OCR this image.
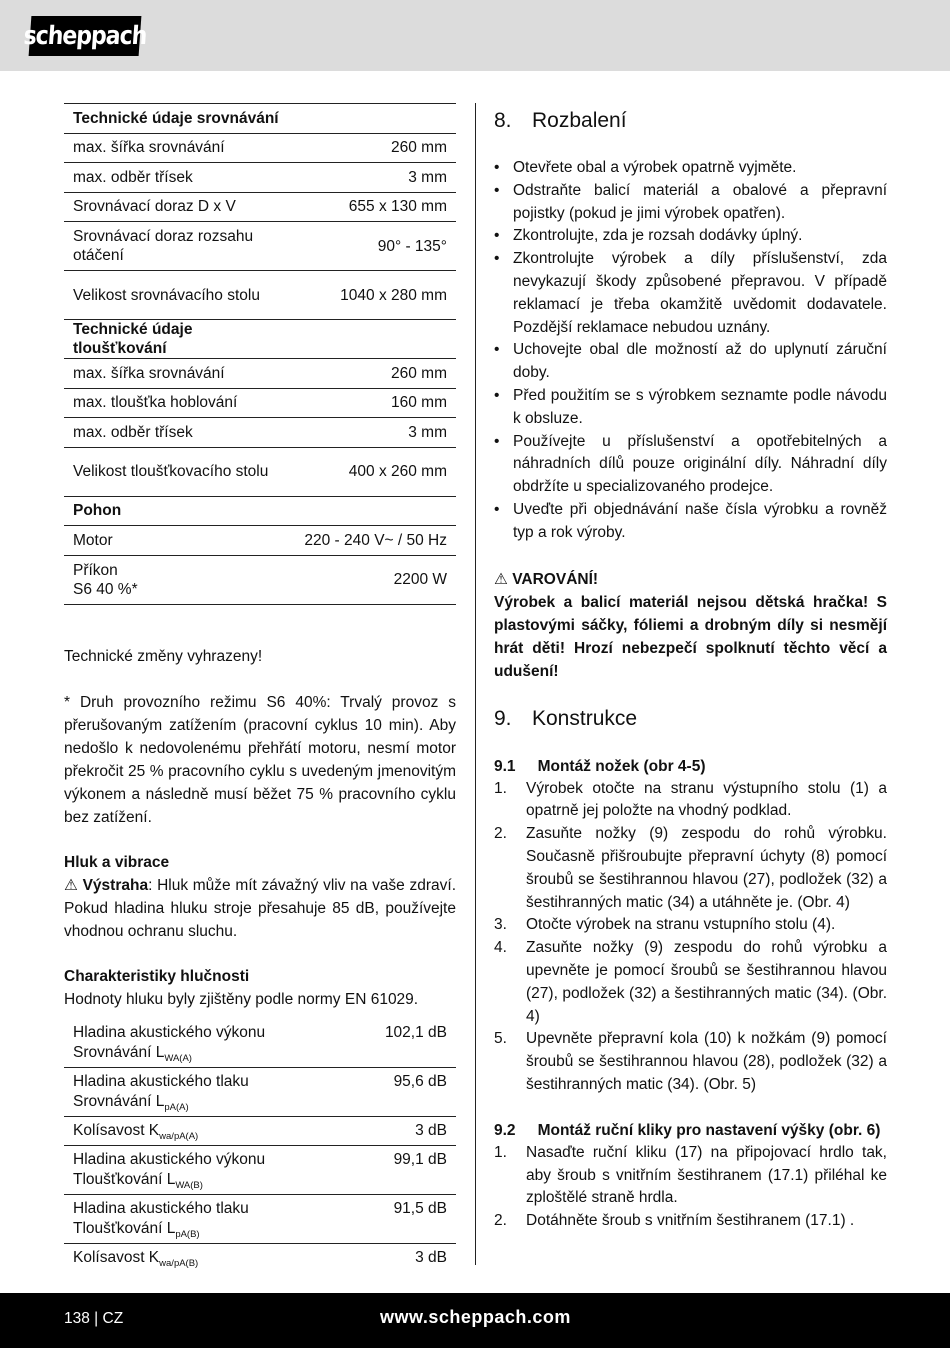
scheppach
Technické údaje srovnávání	
max. šířka srovnávání	260 mm
max. odběr třísek	3 mm
Srovnávací doraz D x V	655 x 130 mm
Srovnávací doraz rozsahu otáčení	90° - 135°
Velikost srovnávacího stolu	1040 x 280 mm
Technické údaje tloušťkování	
max. šířka srovnávání	260 mm
max. tloušťka hoblování	160 mm
max. odběr třísek	3 mm
Velikost tloušťkovacího stolu	400 x 260 mm
Pohon	
Motor	220 - 240 V~ / 50 Hz
Příkon
S6 40 %*	2200 W

Technické změny vyhrazeny!

* Druh provozního režimu S6 40%: Trvalý provoz s přerušovaným zatížením (pracovní cyklus 10 min). Aby nedošlo k nedovolenému přehřátí motoru, nesmí motor překročit 25 % pracovního cyklu s uvedeným jmenovitým výkonem a následně musí běžet 75 % pracovního cyklu bez zatížení.

Hluk a vibrace

⚠ Výstraha: Hluk může mít závažný vliv na vaše zdraví. Pokud hladina hluku stroje přesahuje 85 dB, používejte vhodnou ochranu sluchu.

Charakteristiky hlučnosti

Hodnoty hluku byly zjištěny podle normy EN 61029.

Hladina akustického výkonu
Srovnávání $L_{WA(A)}$	102,1 dB
Hladina akustického tlaku
Srovnávání $L_{pA(A)}$	95,6 dB
Kolísavost $K_{wa/pA(A)}$	3 dB
Hladina akustického výkonu
Tloušťkování $L_{WA(B)}$	99,1 dB
Hladina akustického tlaku
Tloušťkování $L_{pA(B)}$	91,5 dB
Kolísavost $K_{wa/pA(B)}$	3 dB
8. Rozbalení
• Otevřete obal a výrobek opatrně vyjměte.
• Odstraňte balicí materiál a obalové a přepravní pojistky (pokud je jimi výrobek opatřen).
• Zkontrolujte, zda je rozsah dodávky úplný.
• Zkontrolujte výrobek a díly příslušenství, zda nevykazují škody způsobené přepravou. V případě reklamací je třeba okamžitě uvědomit dodavatele. Pozdější reklamace nebudou uznány.
• Uchovejte obal dle možností až do uplynutí záruční doby.
• Před použitím se s výrobkem seznamte podle návodu k obsluze.
• Používejte u příslušenství a opotřebitelných a náhradních dílů pouze originální díly. Náhradní díly obdržíte u specializovaného prodejce.
• Uveďte při objednávání naše čísla výrobku a rovněž typ a rok výroby.

⚠ VAROVÁNÍ!

Výrobek a balicí materiál nejsou dětská hračka! S plastovými sáčky, fóliemi a drobným díly si nesmějí hrát děti! Hrozí nebezpečí spolknutí těchto věcí a udušení!

9. Konstrukce
9.1 Montáž nožek (obr 4-5)
1. Výrobek otočte na stranu výstupního stolu (1) a opatrně jej položte na vhodný podklad.
2. Zasuňte nožky (9) zespodu do rohů výrobku. Současně přišroubujte přepravní úchyty (8) pomocí šroubů se šestihrannou hlavou (27), podložek (32) a šestihranných matic (34) a utáhněte je. (Obr. 4)
3. Otočte výrobek na stranu vstupního stolu (4).
4. Zasuňte nožky (9) zespodu do rohů výrobku a upevněte je pomocí šroubů se šestihrannou hlavou (27), podložek (32) a šestihranných matic (34). (Obr. 4)
5. Upevněte přepravní kola (10) k nožkám (9) pomocí šroubů se šestihrannou hlavou (28), podložek (32) a šestihranných matic (34). (Obr. 5)
9.2 Montáž ruční kliky pro nastavení výšky (obr. 6)
1. Nasaďte ruční kliku (17) na připojovací hrdlo tak, aby šroub s vnitřním šestihranem (17.1) přiléhal ke zploštělé straně hrdla.
2. Dotáhněte šroub s vnitřním šestihranem (17.1) .
138 | CZ	www.scheppach.com
